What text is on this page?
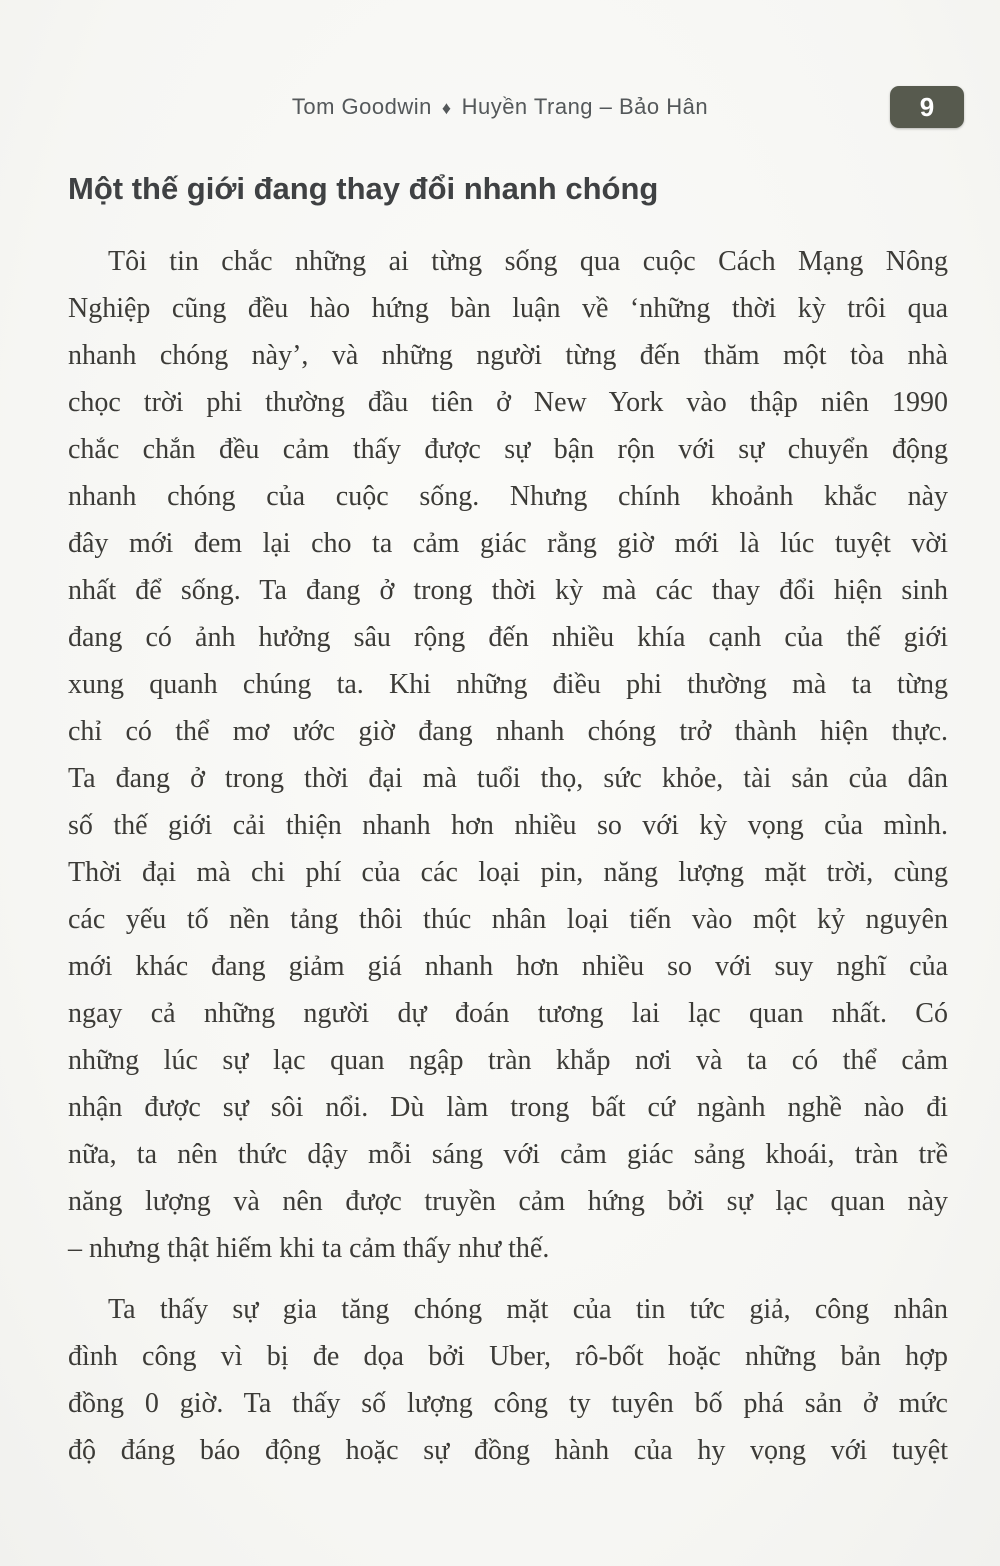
Tom Goodwin ♦ Huyền Trang – Bảo Hân	9
Một thế giới đang thay đổi nhanh chóng
Tôi tin chắc những ai từng sống qua cuộc Cách Mạng Nông
Nghiệp cũng đều hào hứng bàn luận về ‘những thời kỳ trôi qua
nhanh chóng này’, và những người từng đến thăm một tòa nhà
chọc trời phi thường đầu tiên ở New York vào thập niên 1990
chắc chắn đều cảm thấy được sự bận rộn với sự chuyển động
nhanh chóng của cuộc sống. Nhưng chính khoảnh khắc này
đây mới đem lại cho ta cảm giác rằng giờ mới là lúc tuyệt vời
nhất để sống. Ta đang ở trong thời kỳ mà các thay đổi hiện sinh
đang có ảnh hưởng sâu rộng đến nhiều khía cạnh của thế giới
xung quanh chúng ta. Khi những điều phi thường mà ta từng
chỉ có thể mơ ước giờ đang nhanh chóng trở thành hiện thực.
Ta đang ở trong thời đại mà tuổi thọ, sức khỏe, tài sản của dân
số thế giới cải thiện nhanh hơn nhiều so với kỳ vọng của mình.
Thời đại mà chi phí của các loại pin, năng lượng mặt trời, cùng
các yếu tố nền tảng thôi thúc nhân loại tiến vào một kỷ nguyên
mới khác đang giảm giá nhanh hơn nhiều so với suy nghĩ của
ngay cả những người dự đoán tương lai lạc quan nhất. Có
những lúc sự lạc quan ngập tràn khắp nơi và ta có thể cảm
nhận được sự sôi nổi. Dù làm trong bất cứ ngành nghề nào đi
nữa, ta nên thức dậy mỗi sáng với cảm giác sảng khoái, tràn trề
năng lượng và nên được truyền cảm hứng bởi sự lạc quan này
– nhưng thật hiếm khi ta cảm thấy như thế.
Ta thấy sự gia tăng chóng mặt của tin tức giả, công nhân
đình công vì bị đe dọa bởi Uber, rô-bốt hoặc những bản hợp
đồng 0 giờ. Ta thấy số lượng công ty tuyên bố phá sản ở mức
độ đáng báo động hoặc sự đồng hành của hy vọng với tuyệt
